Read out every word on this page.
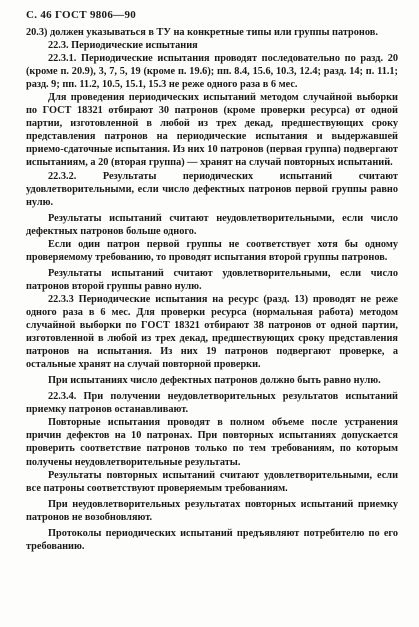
С. 46 ГОСТ 9806—90

20.3) должен указываться в ТУ на конкретные типы или группы патронов.

22.3. Периодические испытания

22.3.1. Периодические испытания проводят последовательно по разд. 20 (кроме п. 20.9), 3, 7, 5, 19 (кроме п. 19.6); пп. 8.4, 15.6, 10.3, 12.4; разд. 14; п. 11.1; разд. 9; пп. 11.2, 10.5, 15.1, 15.3 не реже одного раза в 6 мес.

Для проведения периодических испытаний методом случайной выборки по ГОСТ 18321 отбирают 30 патронов (кроме проверки ресурса) от одной партии, изготовленной в любой из трех декад, предшествующих сроку представления патронов на периодические испытания и выдержавшей приемо-сдаточные испытания. Из них 10 патронов (первая группа) подвергают испытаниям, а 20 (вторая группа) — хранят на случай повторных испытаний.

22.3.2. Результаты периодических испытаний считают удовлетворительными, если число дефектных патронов первой группы равно нулю.

Результаты испытаний считают неудовлетворительными, если число дефектных патронов больше одного.

Если один патрон первой группы не соответствует хотя бы одному проверяемому требованию, то проводят испытания второй группы патронов.

Результаты испытаний считают удовлетворительными, если число патронов второй группы равно нулю.

22.3.3 Периодические испытания на ресурс (разд. 13) проводят не реже одного раза в 6 мес. Для проверки ресурса (нормальная работа) методом случайной выборки по ГОСТ 18321 отбирают 38 патронов от одной партии, изготовленной в любой из трех декад, предшествующих сроку представления патронов на испытания. Из них 19 патронов подвергают проверке, а остальные хранят на случай повторной проверки.

При испытаниях число дефектных патронов должно быть равно нулю.

22.3.4. При получении неудовлетворительных результатов испытаний приемку патронов останавливают.

Повторные испытания проводят в полном объеме после устранения причин дефектов на 10 патронах. При повторных испытаниях допускается проверить соответствие патронов только по тем требованиям, по которым получены неудовлетворительные результаты.

Результаты повторных испытаний считают удовлетворительными, если все патроны соответствуют проверяемым требованиям.

При неудовлетворительных результатах повторных испытаний приемку патронов не возобновляют.

Протоколы периодических испытаний предъявляют потребителю по его требованию.
